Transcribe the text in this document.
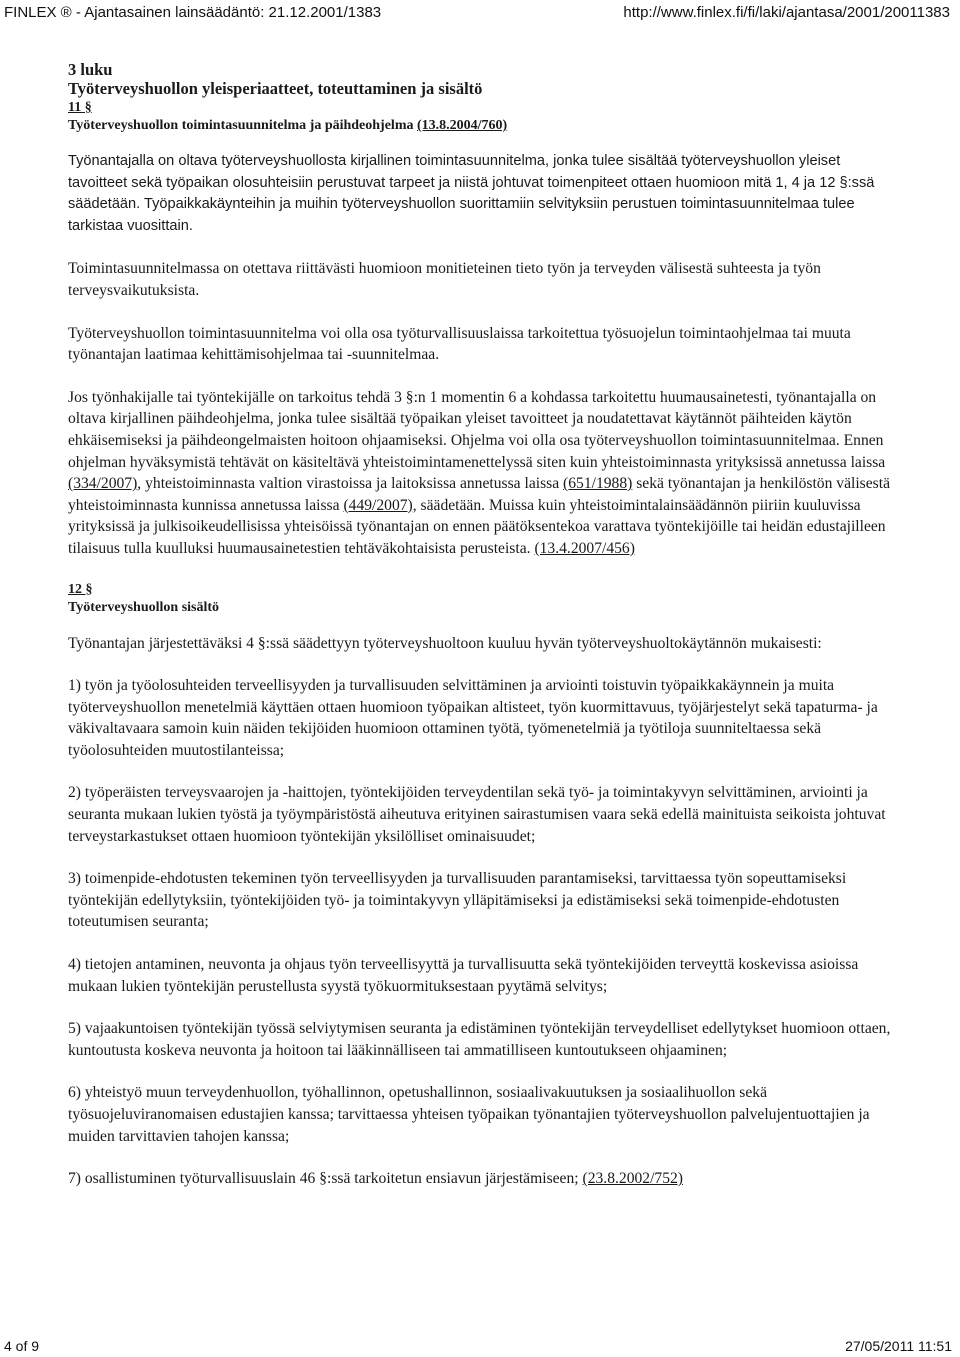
FINLEX ® - Ajantasainen lainsäädäntö: 21.12.2001/1383	http://www.finlex.fi/fi/laki/ajantasa/2001/20011383
3 luku
Työterveyshuollon yleisperiaatteet, toteuttaminen ja sisältö
11 §
Työterveyshuollon toimintasuunnitelma ja päihdeohjelma (13.8.2004/760)

Työnantajalla on oltava työterveyshuollosta kirjallinen toimintasuunnitelma, jonka tulee sisältää työterveyshuollon yleiset tavoitteet sekä työpaikan olosuhteisiin perustuvat tarpeet ja niistä johtuvat toimenpiteet ottaen huomioon mitä 1, 4 ja 12 §:ssä säädetään. Työpaikkakäynteihin ja muihin työterveyshuollon suorittamiin selvityksiin perustuen toimintasuunnitelmaa tulee tarkistaa vuosittain.

Toimintasuunnitelmassa on otettava riittävästi huomioon monitieteinen tieto työn ja terveyden välisestä suhteesta ja työn terveysvaikutuksista.

Työterveyshuollon toimintasuunnitelma voi olla osa työturvallisuuslaissa tarkoitettua työsuojelun toimintaohjelmaa tai muuta työnantajan laatimaa kehittämisohjelmaa tai -suunnitelmaa.

Jos työnhakijalle tai työntekijälle on tarkoitus tehdä 3 §:n 1 momentin 6 a kohdassa tarkoitettu huumausainetesti, työnantajalla on oltava kirjallinen päihdeohjelma, jonka tulee sisältää työpaikan yleiset tavoitteet ja noudatettavat käytännöt päihteiden käytön ehkäisemiseksi ja päihdeongelmaisten hoitoon ohjaamiseksi. Ohjelma voi olla osa työterveyshuollon toimintasuunnitelmaa. Ennen ohjelman hyväksymistä tehtävät on käsiteltävä yhteistoimintamenettelyssä siten kuin yhteistoiminnasta yrityksissä annetussa laissa (334/2007), yhteistoiminnasta valtion virastoissa ja laitoksissa annetussa laissa (651/1988) sekä työnantajan ja henkilöstön välisestä yhteistoiminnasta kunnissa annetussa laissa (449/2007), säädetään. Muissa kuin yhteistoimintalainsäädännön piiriin kuuluvissa yrityksissä ja julkisoikeudellisissa yhteisöissä työnantajan on ennen päätöksentekoa varattava työntekijöille tai heidän edustajilleen tilaisuus tulla kuulluksi huumausainetestien tehtäväkohtaisista perusteista. (13.4.2007/456)

12 §
Työterveyshuollon sisältö

Työnantajan järjestettäväksi 4 §:ssä säädettyyn työterveyshuoltoon kuuluu hyvän työterveyshuoltokäytännön mukaisesti:

1) työn ja työolosuhteiden terveellisyyden ja turvallisuuden selvittäminen ja arviointi toistuvin työpaikkakäynnein ja muita työterveyshuollon menetelmiä käyttäen ottaen huomioon työpaikan altisteet, työn kuormittavuus, työjärjestelyt sekä tapaturma- ja väkivaltavaara samoin kuin näiden tekijöiden huomioon ottaminen työtä, työmenetelmiä ja työtiloja suunniteltaessa sekä työolosuhteiden muutostilanteissa;

2) työperäisten terveysvaarojen ja -haittojen, työntekijöiden terveydentilan sekä työ- ja toimintakyvyn selvittäminen, arviointi ja seuranta mukaan lukien työstä ja työympäristöstä aiheutuva erityinen sairastumisen vaara sekä edellä mainituista seikoista johtuvat terveystarkastukset ottaen huomioon työntekijän yksilölliset ominaisuudet;

3) toimenpide-ehdotusten tekeminen työn terveellisyyden ja turvallisuuden parantamiseksi, tarvittaessa työn sopeuttamiseksi työntekijän edellytyksiin, työntekijöiden työ- ja toimintakyvyn ylläpitämiseksi ja edistämiseksi sekä toimenpide-ehdotusten toteutumisen seuranta;

4) tietojen antaminen, neuvonta ja ohjaus työn terveellisyyttä ja turvallisuutta sekä työntekijöiden terveyttä koskevissa asioissa mukaan lukien työntekijän perustellusta syystä työkuormituksestaan pyytämä selvitys;

5) vajaakuntoisen työntekijän työssä selviytymisen seuranta ja edistäminen työntekijän terveydelliset edellytykset huomioon ottaen, kuntoutusta koskeva neuvonta ja hoitoon tai lääkinnälliseen tai ammatilliseen kuntoutukseen ohjaaminen;

6) yhteistyö muun terveydenhuollon, työhallinnon, opetushallinnon, sosiaalivakuutuksen ja sosiaalihuollon sekä työsuojeluviranomaisen edustajien kanssa; tarvittaessa yhteisen työpaikan työnantajien työterveyshuollon palvelujentuottajien ja muiden tarvittavien tahojen kanssa;

7) osallistuminen työturvallisuuslain 46 §:ssä tarkoitetun ensiavun järjestämiseen; (23.8.2002/752)

4 of 9	27/05/2011 11:51
